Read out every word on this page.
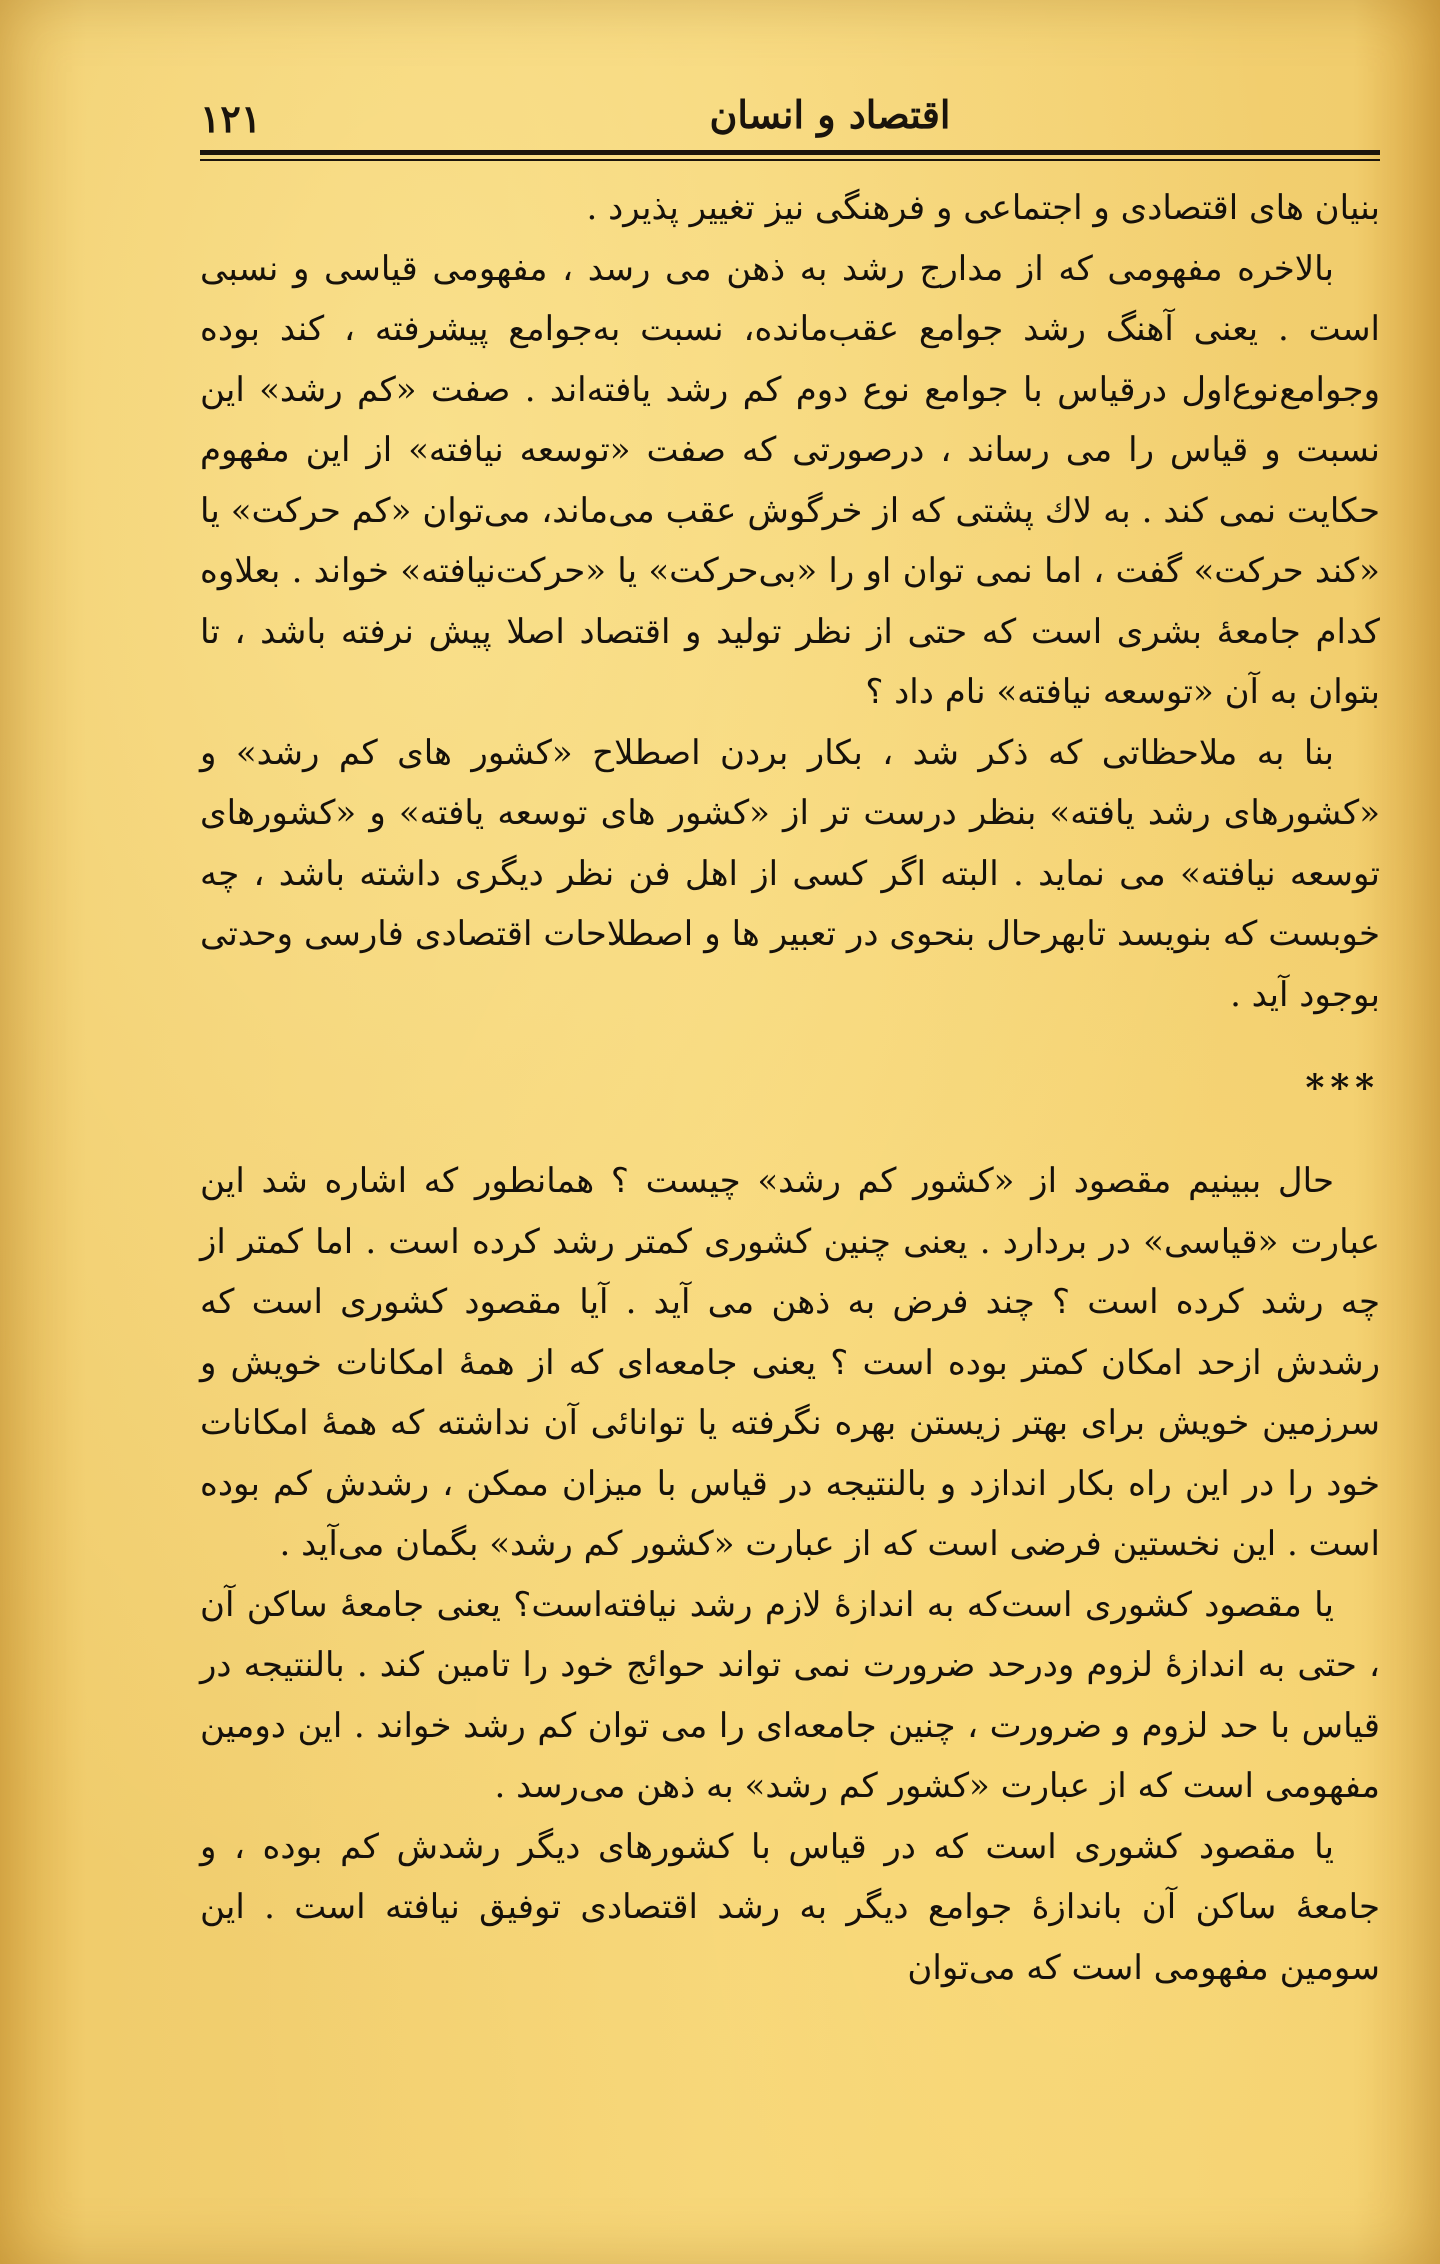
۱۲۱	اقتصاد و انسان

بنیان های اقتصادی و اجتماعی و فرهنگی نیز تغییر پذیرد .

بالاخره مفهومی که از مدارج رشد به ذهن می رسد ، مفهومی قیاسی و نسبی است . یعنی آهنگ رشد جوامع عقب‌مانده، نسبت به‌جوامع پیشرفته ، کند بوده وجوامع‌نوع‌اول درقیاس با جوامع نوع دوم کم رشد یافته‌اند . صفت «کم رشد» این نسبت و قیاس را می رساند ، درصورتی که صفت «توسعه نیافته» از این مفهوم حکایت نمی کند . به لاك پشتی که از خرگوش عقب می‌ماند، می‌توان «کم حرکت» یا «کند حرکت» گفت ، اما نمی توان او را «بی‌حرکت» یا «حرکت‌نیافته» خواند . بعلاوه کدام جامعهٔ بشری است که حتی از نظر تولید و اقتصاد اصلا پیش نرفته باشد ، تا بتوان به آن «توسعه نیافته» نام داد ؟

بنا به ملاحظاتی که ذکر شد ، بکار بردن اصطلاح «کشور های کم رشد» و «کشورهای رشد یافته» بنظر درست تر از «کشور های توسعه یافته» و «کشورهای توسعه نیافته» می نماید . البته اگر کسی از اهل فن نظر دیگری داشته باشد ، چه خوبست که بنویسد تابهرحال بنحوی در تعبیر ها و اصطلاحات اقتصادی فارسی وحدتی بوجود آید .

***

حال ببینیم مقصود از «کشور کم رشد» چیست ؟ همانطور که اشاره شد این عبارت «قیاسی» در بردارد . یعنی چنین کشوری کمتر رشد کرده است . اما کمتر از چه رشد کرده است ؟ چند فرض به ذهن می آید . آیا مقصود کشوری است که رشدش ازحد امکان کمتر بوده است ؟ یعنی جامعه‌ای که از همهٔ امکانات خویش و سرزمین خویش برای بهتر زیستن بهره نگرفته یا توانائی آن نداشته که همهٔ امکانات خود را در این راه بکار اندازد و بالنتیجه در قیاس با میزان ممکن ، رشدش کم بوده است . این نخستین فرضی است که از عبارت «کشور کم رشد» بگمان می‌آید .

یا مقصود کشوری است‌که به اندازهٔ لازم رشد نیافته‌است؟ یعنی جامعهٔ ساکن آن ، حتی به اندازهٔ لزوم ودرحد ضرورت نمی تواند حوائج خود را تامین کند . بالنتیجه در قیاس با حد لزوم و ضرورت ، چنین جامعه‌ای را می توان کم رشد خواند . این دومین مفهومی است که از عبارت «کشور کم رشد» به ذهن می‌رسد .

یا مقصود کشوری است که در قیاس با کشورهای دیگر رشدش کم بوده ، و جامعهٔ ساکن آن باندازهٔ جوامع دیگر به رشد اقتصادی توفیق نیافته است . این سومین مفهومی است که می‌توان
